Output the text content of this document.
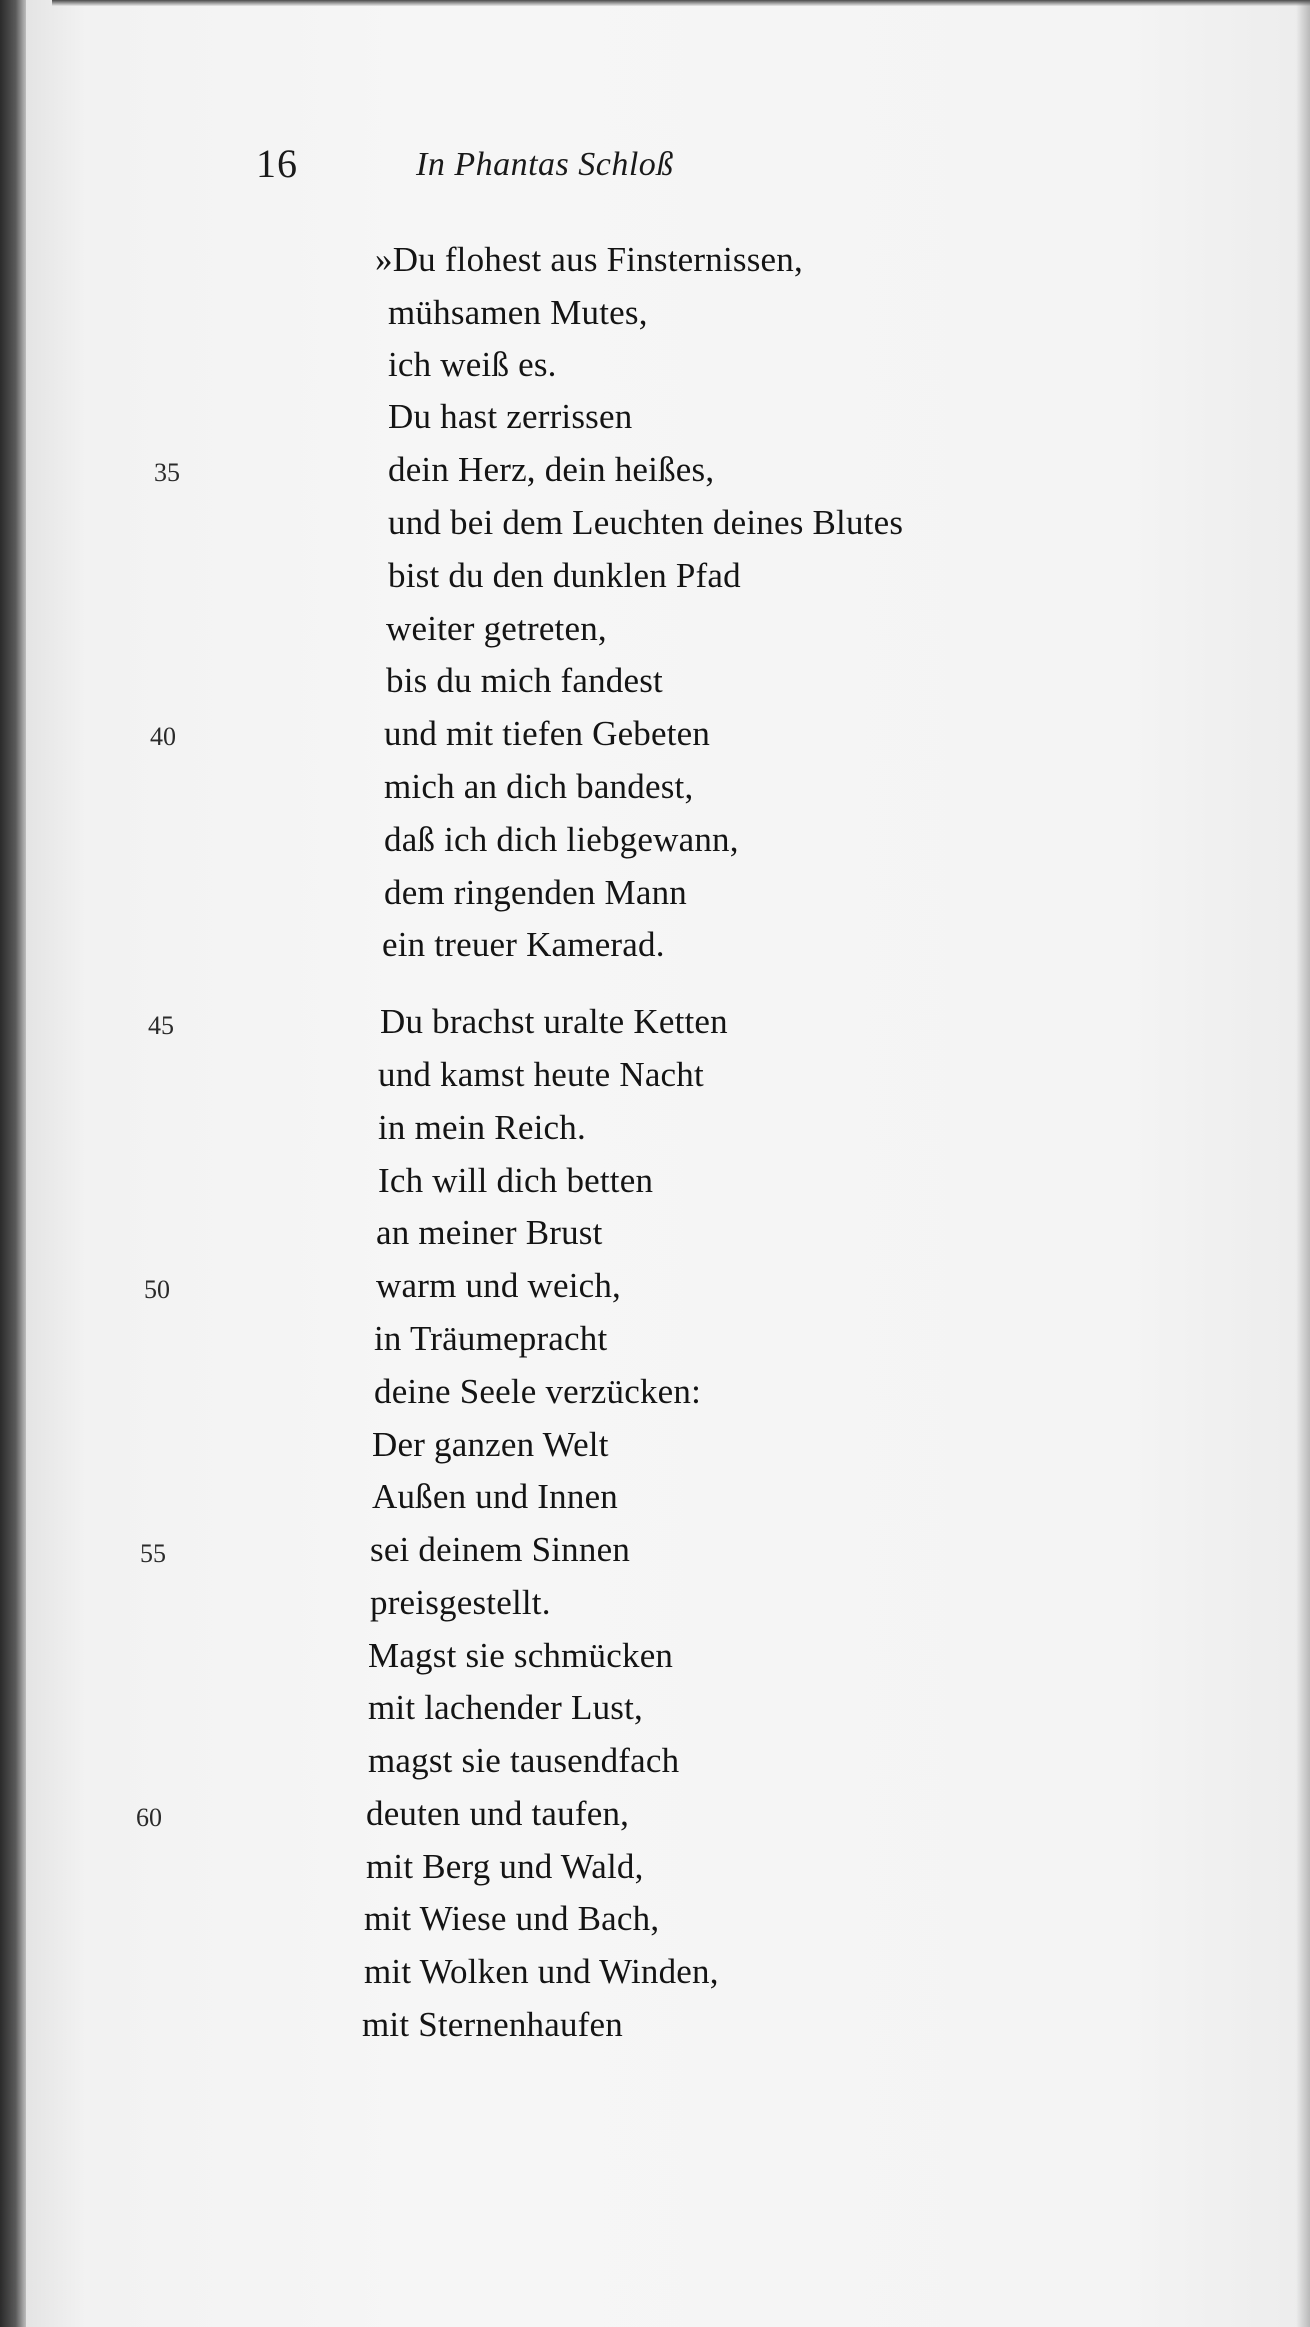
16	In Phantas Schloß
»Du flohest aus Finsternissen,
mühsamen Mutes,
ich weiß es.
Du hast zerrissen
dein Herz, dein heißes,
und bei dem Leuchten deines Blutes
bist du den dunklen Pfad
weiter getreten,
bis du mich fandest
und mit tiefen Gebeten
mich an dich bandest,
daß ich dich liebgewann,
dem ringenden Mann
ein treuer Kamerad.
Du brachst uralte Ketten
und kamst heute Nacht
in mein Reich.
Ich will dich betten
an meiner Brust
warm und weich,
in Träumepracht
deine Seele verzücken:
Der ganzen Welt
Außen und Innen
sei deinem Sinnen
preisgestellt.
Magst sie schmücken
mit lachender Lust,
magst sie tausendfach
deuten und taufen,
mit Berg und Wald,
mit Wiese und Bach,
mit Wolken und Winden,
mit Sternenhaufen
35
40
45
50
55
60
